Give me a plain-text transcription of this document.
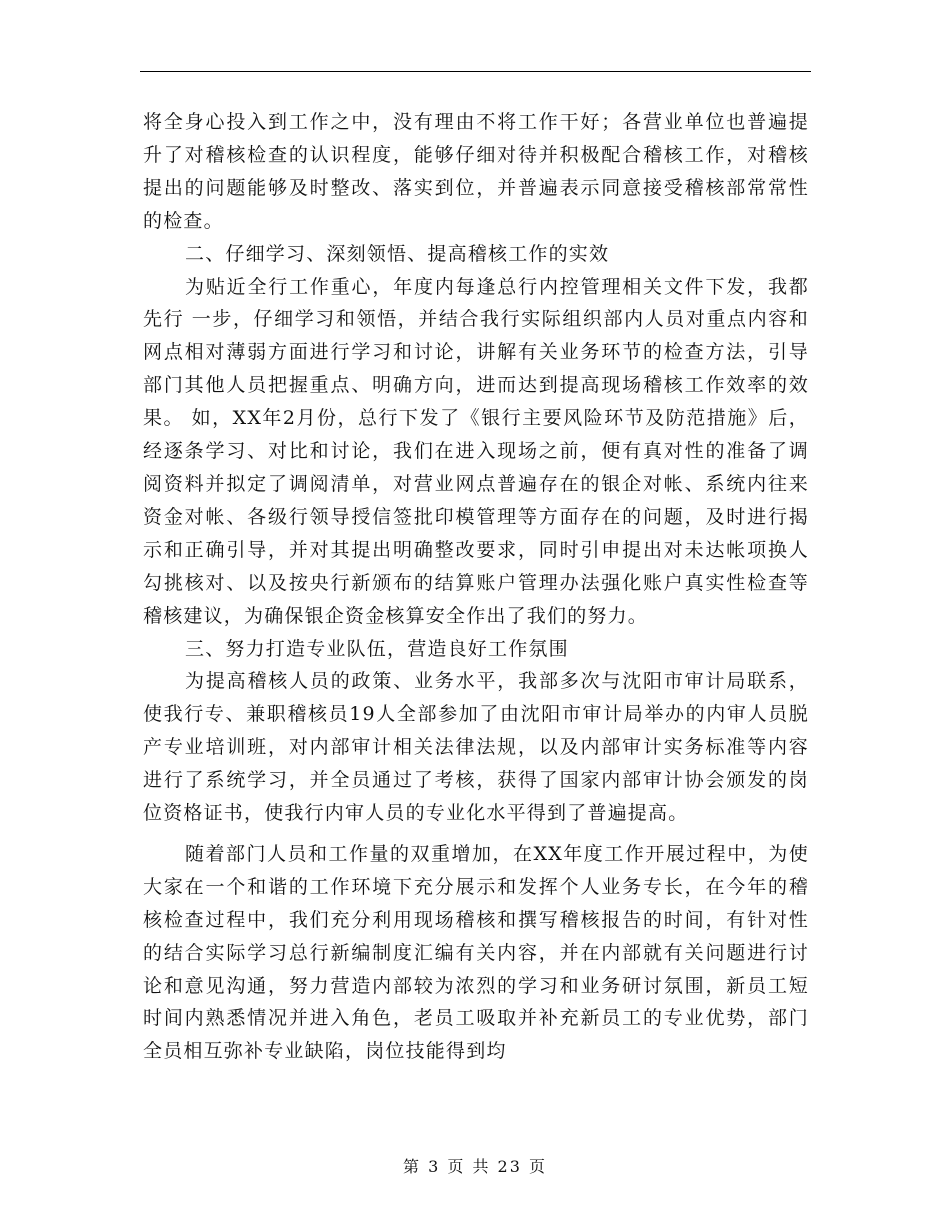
将全身心投入到工作之中，没有理由不将工作干好；各营业单位也普遍提升了对稽核检查的认识程度，能够仔细对待并积极配合稽核工作，对稽核提出的问题能够及时整改、落实到位，并普遍表示同意接受稽核部常常性的检查。

二、仔细学习、深刻领悟、提高稽核工作的实效

为贴近全行工作重心，年度内每逢总行内控管理相关文件下发，我都先行 一步，仔细学习和领悟，并结合我行实际组织部内人员对重点内容和网点相对薄弱方面进行学习和讨论，讲解有关业务环节的检查方法，引导部门其他人员把握重点、明确方向，进而达到提高现场稽核工作效率的效果。 如，XX年2月份，总行下发了《银行主要风险环节及防范措施》后，经逐条学习、对比和讨论，我们在进入现场之前，便有真对性的准备了调阅资料并拟定了调阅清单，对营业网点普遍存在的银企对帐、系统内往来资金对帐、各级行领导授信签批印模管理等方面存在的问题，及时进行揭示和正确引导，并对其提出明确整改要求，同时引申提出对未达帐项换人勾挑核对、以及按央行新颁布的结算账户管理办法强化账户真实性检查等稽核建议，为确保银企资金核算安全作出了我们的努力。

三、努力打造专业队伍，营造良好工作氛围

为提高稽核人员的政策、业务水平，我部多次与沈阳市审计局联系，使我行专、兼职稽核员19人全部参加了由沈阳市审计局举办的内审人员脱产专业培训班，对内部审计相关法律法规，以及内部审计实务标准等内容进行了系统学习，并全员通过了考核，获得了国家内部审计协会颁发的岗位资格证书，使我行内审人员的专业化水平得到了普遍提高。

随着部门人员和工作量的双重增加，在XX年度工作开展过程中，为使大家在一个和谐的工作环境下充分展示和发挥个人业务专长，在今年的稽核检查过程中，我们充分利用现场稽核和撰写稽核报告的时间，有针对性的结合实际学习总行新编制度汇编有关内容，并在内部就有关问题进行讨论和意见沟通，努力营造内部较为浓烈的学习和业务研讨氛围，新员工短时间内熟悉情况并进入角色，老员工吸取并补充新员工的专业优势，部门全员相互弥补专业缺陷，岗位技能得到均

第 3 页 共 23 页
